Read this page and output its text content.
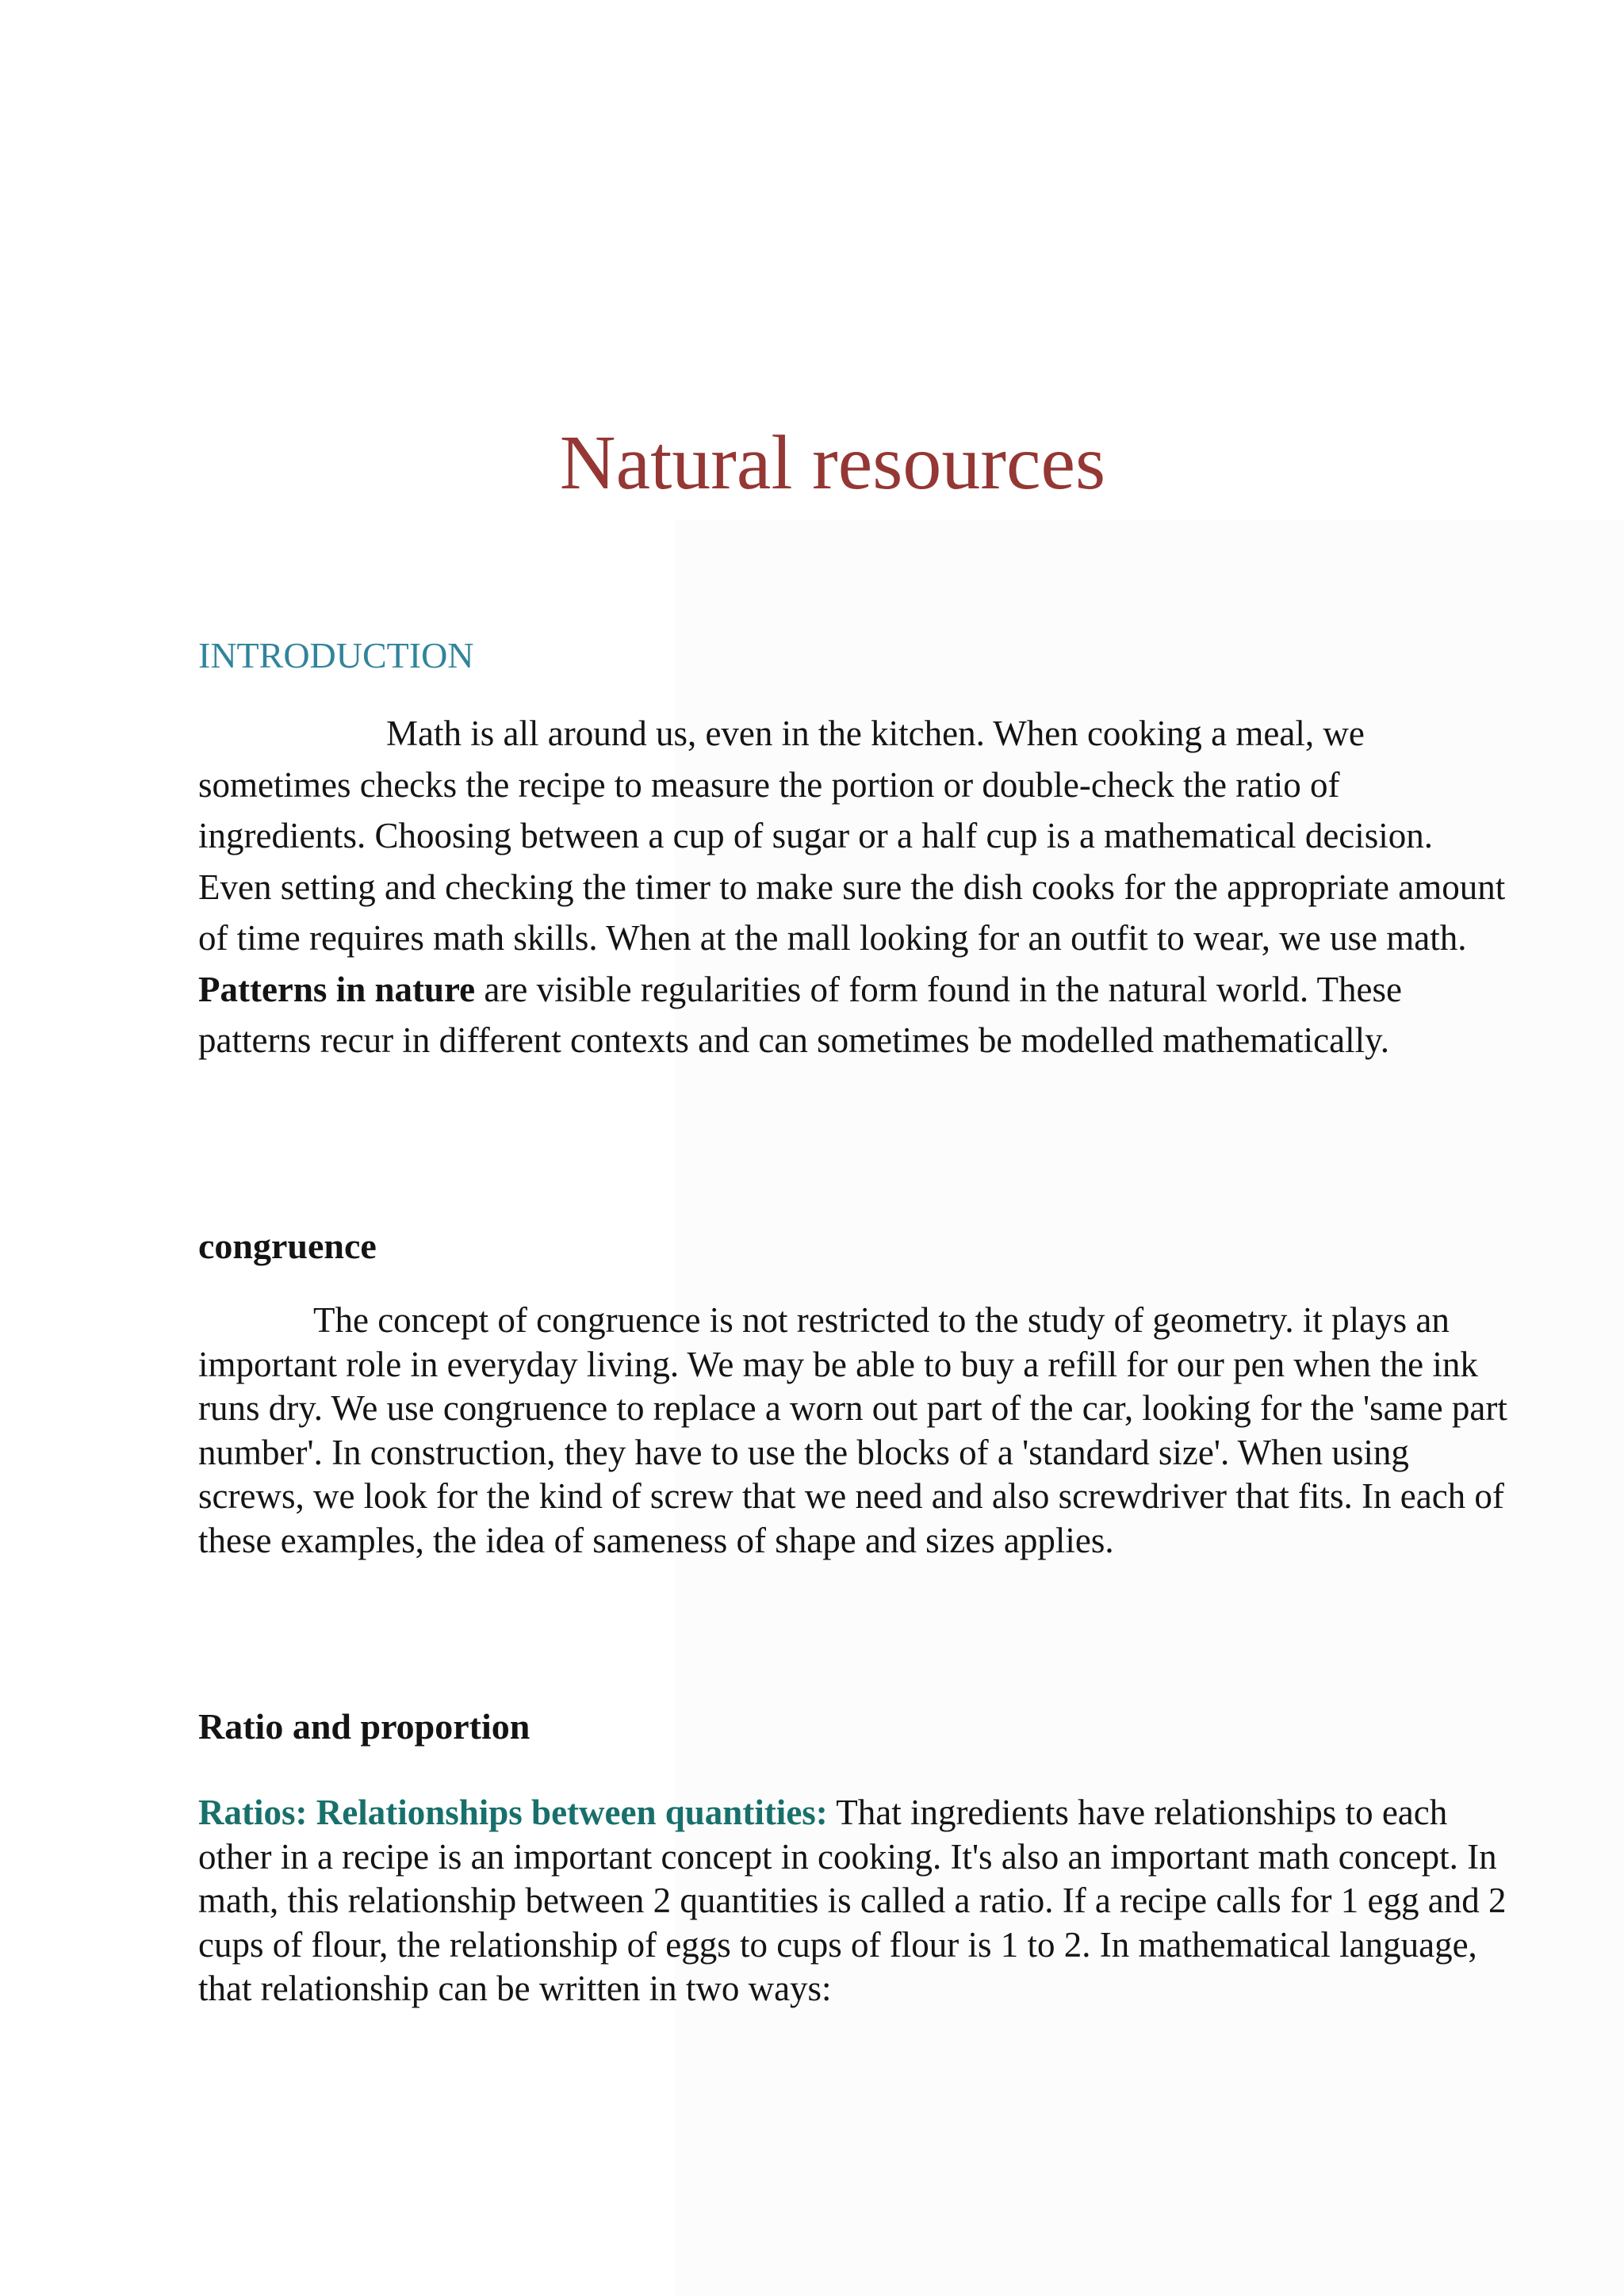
Natural resources
INTRODUCTION

Math is all around us, even in the kitchen. When cooking a meal, we sometimes checks the recipe to measure the portion or double-check the ratio of ingredients. Choosing between a cup of sugar or a half cup is a mathematical decision. Even setting and checking the timer to make sure the dish cooks for the appropriate amount of time requires math skills. When at the mall looking for an outfit to wear, we use math. Patterns in nature are visible regularities of form found in the natural world. These patterns recur in different contexts and can sometimes be modelled mathematically.

congruence

The concept of congruence is not restricted to the study of geometry. it plays an important role in everyday living. We may be able to buy a refill for our pen when the ink runs dry. We use congruence to replace a worn out part of the car, looking for the 'same part number'. In construction, they have to use the blocks of a 'standard size'. When using screws, we look for the kind of screw that we need and also screwdriver that fits. In each of these examples, the idea of sameness of shape and sizes applies.

Ratio and proportion

Ratios: Relationships between quantities: That ingredients have relationships to each other in a recipe is an important concept in cooking. It's also an important math concept. In math, this relationship between 2 quantities is called a ratio. If a recipe calls for 1 egg and 2 cups of flour, the relationship of eggs to cups of flour is 1 to 2. In mathematical language, that relationship can be written in two ways:
